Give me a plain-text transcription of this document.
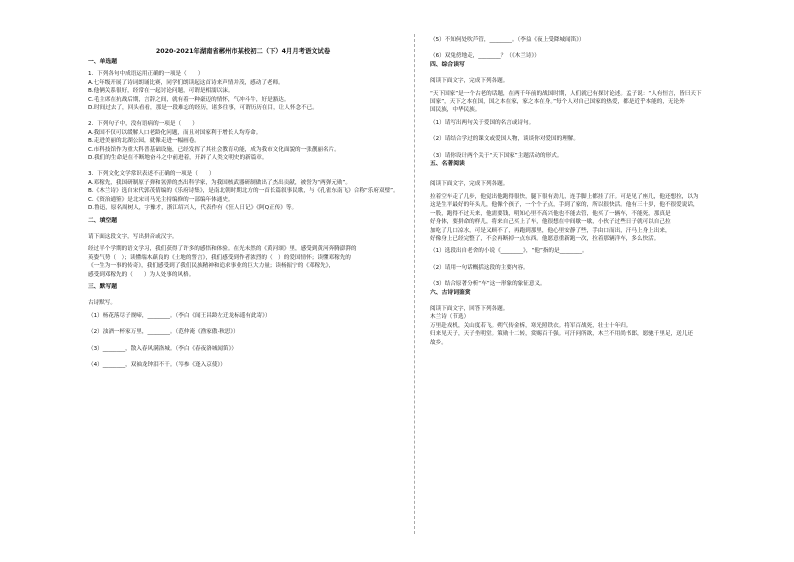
2020-2021年湖南省郴州市某校初二（下）4月月考语文试卷
一、单选题
1．下列各句中成语运用正确的一项是（　　）
A.七年级开展了诗词朗诵比赛，同学们朗读起这首诗来声情并茂，感动了老师。
B.他俩关系很好，经常在一起讨论问题，可谓是相濡以沫。
C.毛主席在抗战后期，言辞之间，就有着一种豪迈的情怀，气冲斗牛，好是豁达。
D.时间过去了，回头看看，那是一段难忘的经历，诸多往事，可谓历历在目，让人怀念不已。
2．下列句子中，没有语病的一项是（　　）
A.我国不仅可以缓解人口老龄化问题，而且对国家利于增长人均寿命。
B.走进美丽的北湖公园，就像走进一幅画卷。
C.市科技馆作为重大科普基础设施，已经发挥了其社会教育功能，成为我市文化面貌的一张靓丽名片。
D.我们的生命是在不断地奋斗之中前进着，开辟了人类文明史的新篇章。
3．下列文化文学常识表述不正确的一项是（　　）
A.邓稼先，我国研制原子弹和氢弹的杰出科学家，为我国核武器研制做出了杰出贡献，被誉为“两弹元勋”。
B.《木兰诗》选自宋代郭茂倩编的《乐府诗集》，是南北朝时期北方的一首长篇叙事民歌，与《孔雀东南飞》合称“乐府双璧”。
C.《资治通鉴》是北宋司马光主持编修的一部编年体通史。
D.鲁迅，原名周树人，字豫才，浙江绍兴人，代表作有《狂人日记》《阿Q正传》等。
二、填空题
请下面这段文字，写出拼音或汉字。
经过半个学期的语文学习，我们获得了许多的感悟和体验。在光未然的《黄河颂》里，感受到黄河奔腾澎湃的
英姿气势（　）；读懂端木蕻良的《土地的誓言》，我们感受到作者浓烈的（　）的爱国情怀；读懂邓稼先的
《一生为一事的传奇》，我们感受到了我们民族精神和追求事业的巨大力量；读杨振宁的《邓稼先》，
感受到邓稼先的（　　）为人处事的风格。
三、默写题
古诗默写。
（1）杨花落尽子规啼，________。（李白《闻王昌龄左迁龙标遥有此寄》）
（2）浊酒一杯家万里，________。（范仲淹《渔家傲·秋思》）
（3）________，散入春风满洛城。（李白《春夜洛城闻笛》）
（4）________，双袖龙钟泪不干。（岑参《逢入京使》）
（5）不知何处吹芦管，________。（李益《夜上受降城闻笛》）
（6）双兔傍地走，________？（《木兰诗》）
四、综合读写
阅读下面文字，完成下列各题。
“天下国家”是一个古老的话题，在两千年前的战国时期，人们就已有探讨论述。孟子说：“人有恒言，皆曰天下
国家”，天下之本在国，国之本在家，家之本在身。”每个人对自己国家的热爱，都是近乎本能的，无论外
国民族，中华民族。
（1）请写出两句关于爱国的名言或诗句。
（2）请结合学过的课文或爱国人物，谈谈你对爱国的理解。
（3）请你设计两个关于“天下国家”主题活动的形式。
五、名著阅读
阅读下面文字，完成下列各题。
拉着空车走了几步，他觉出他跑得很快，腿下很有劲儿，连手脚上都挂了汗。可是见了座儿，他还想拉，以为
这是生平最好的年头儿，他像个孩子，一个个子点，手到了家的，所以很快活。他有三十岁，他不很爱说话，
一股，跑得不过天来，他需要钱，明知心里不高兴他也不能去管，他买了一辆车，不能死，那真是
好身体，要拼命的样儿，将来自己买上了车，他很想在中间歇一歇，小伙子过些日子就可以自己拉
加吃了几口凉水，可是又顾不了，再跑到那里，他心里安静了些，手由口而出，汗马上身上出来，
好像身上已经完整了，不会再断掉一点东西。他愿意重新跑一次，拉着那辆洋车，多么快活。
（1）选段出自老舍的小说《________》，“他”指的是________。
（2）请用一句话概括这段的主要内容。
（3）结合原著分析“车”这一形象的象征意义。
六、古诗词鉴赏
阅读下面文字，回答下列各题。
木兰诗（节选）
万里赴戎机，关山度若飞。朔气传金柝，寒光照铁衣。将军百战死，壮士十年归。
归来见天子，天子坐明堂。策勋十二转，赏赐百千强。可汗问所欲，木兰不用尚书郎，愿驰千里足，送儿还
故乡。
